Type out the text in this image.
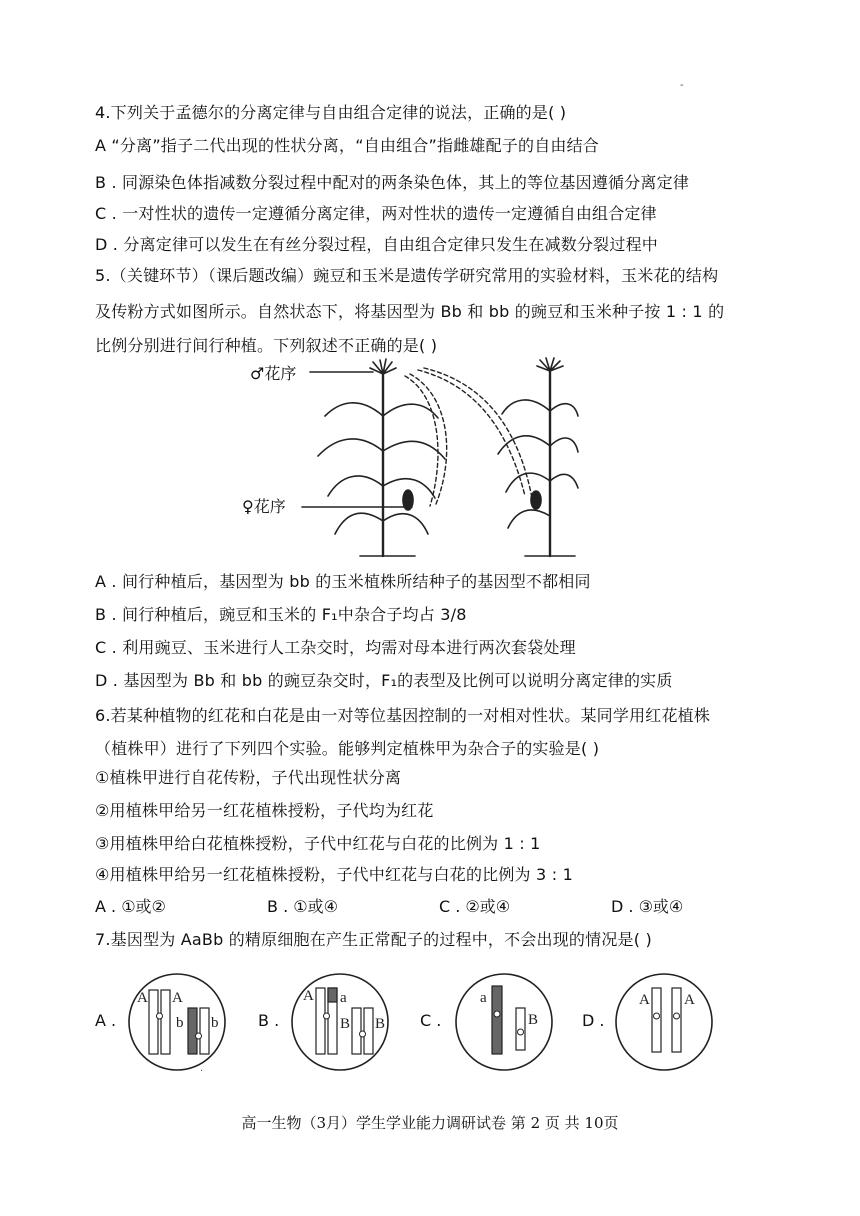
-
4.下列关于孟德尔的分离定律与自由组合定律的说法，正确的是( )
A “分离”指子二代出现的性状分离，“自由组合”指雌雄配子的自由结合
B . 同源染色体指减数分裂过程中配对的两条染色体，其上的等位基因遵循分离定律
C . 一对性状的遗传一定遵循分离定律，两对性状的遗传一定遵循自由组合定律
D . 分离定律可以发生在有丝分裂过程，自由组合定律只发生在减数分裂过程中
5.（关键环节）（课后题改编）豌豆和玉米是遗传学研究常用的实验材料，玉米花的结构
及传粉方式如图所示。自然状态下，将基因型为 Bb 和 bb 的豌豆和玉米种子按 1 : 1 的
比例分别进行间行种植。下列叙述不正确的是( )
♂花序
♀花序
A . 间行种植后，基因型为 bb 的玉米植株所结种子的基因型不都相同
B . 间行种植后，豌豆和玉米的 F₁中杂合子均占 3/8
C . 利用豌豆、玉米进行人工杂交时，均需对母本进行两次套袋处理
D . 基因型为 Bb 和 bb 的豌豆杂交时，F₁的表型及比例可以说明分离定律的实质
6.若某种植物的红花和白花是由一对等位基因控制的一对相对性状。某同学用红花植株
（植株甲）进行了下列四个实验。能够判定植株甲为杂合子的实验是( )
①植株甲进行自花传粉，子代出现性状分离
②用植株甲给另一红花植株授粉，子代均为红花
③用植株甲给白花植株授粉，子代中红花与白花的比例为 1 : 1
④用植株甲给另一红花植株授粉，子代中红花与白花的比例为 3 : 1
A . ①或②	B . ①或④	C . ②或④	D . ③或④
7.基因型为 AaBb 的精原细胞在产生正常配子的过程中，不会出现的情况是( )
A .
A A
b b B .
A a
B B C .
a
B	D .
A A
.
高一生物（3月）学生学业能力调研试卷 第 2 页 共 10页
